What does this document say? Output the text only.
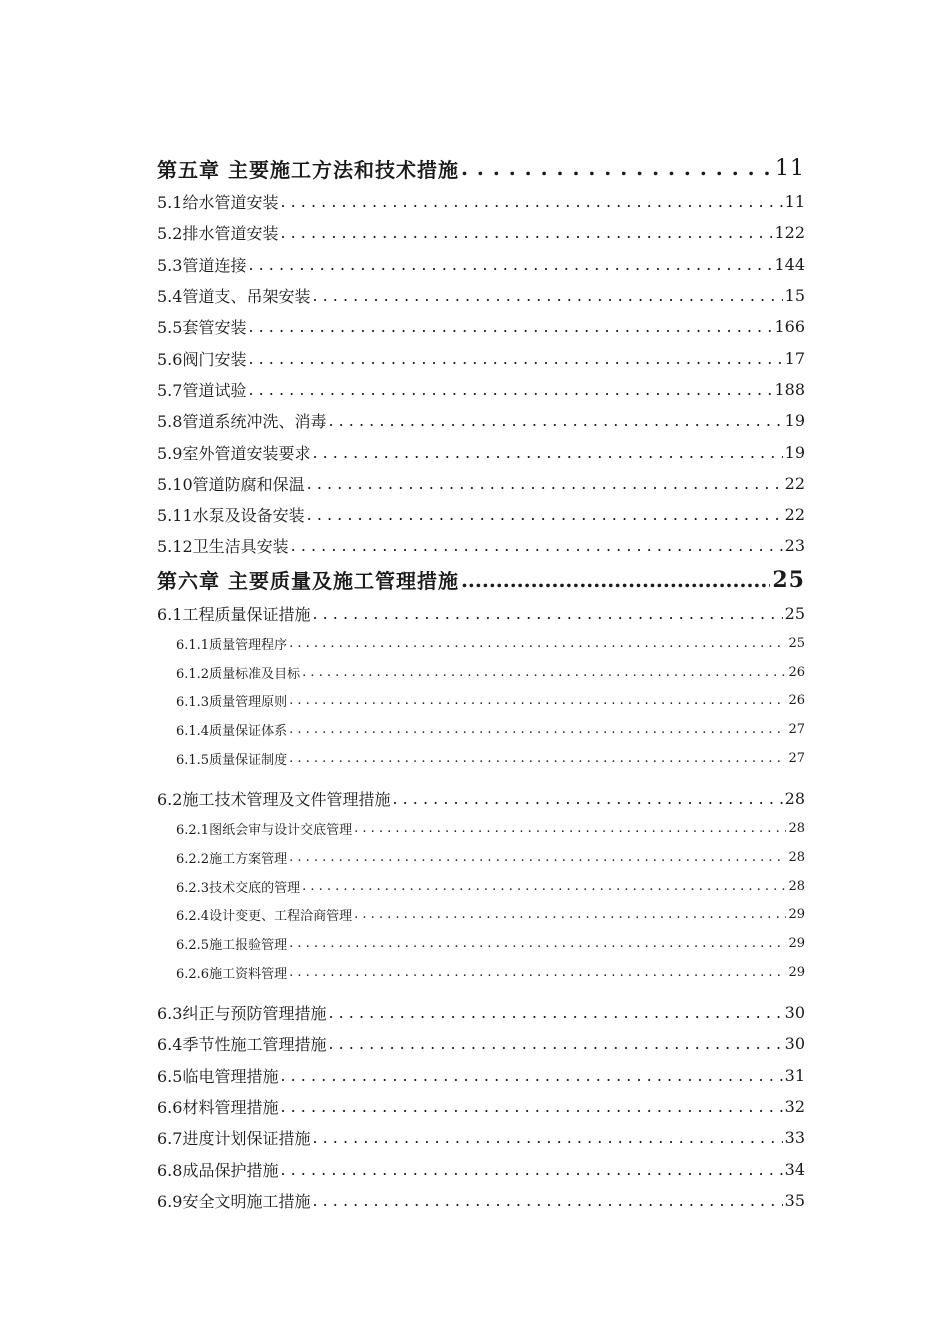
第五章 主要施工方法和技术措施 . . .	11
5.1给水管道安装 . . .	11
5.2排水管道安装 . . .	122
5.3管道连接 . . .	144
5.4管道支、吊架安装 . . .	15
5.5套管安装 . . .	166
5.6阀门安装 . . .	17
5.7管道试验 . . .	188
5.8管道系统冲洗、消毒 . . .	19
5.9室外管道安装要求 . . .	19
5.10管道防腐和保温 . . .	22
5.11水泵及设备安装 . . .	22
5.12卫生洁具安装 . . .	23
第六章 主要质量及施工管理措施 .....	25
6.1工程质量保证措施 . . .	25
6.1.1质量管理程序 . . .	25
6.1.2质量标准及目标 . . .	26
6.1.3质量管理原则 . . .	26
6.1.4质量保证体系 . . .	27
6.1.5质量保证制度 . . .	27
6.2施工技术管理及文件管理措施 . . .	28
6.2.1图纸会审与设计交底管理 . . .	28
6.2.2施工方案管理 . . .	28
6.2.3技术交底的管理 . . .	28
6.2.4设计变更、工程洽商管理 . . .	29
6.2.5施工报验管理 . . .	29
6.2.6施工资料管理 . . .	29
6.3纠正与预防管理措施 . . .	30
6.4季节性施工管理措施 . . .	30
6.5临电管理措施 . . .	31
6.6材料管理措施 . . .	32
6.7进度计划保证措施 . . .	33
6.8成品保护措施 . . .	34
6.9安全文明施工措施 . . .	35
